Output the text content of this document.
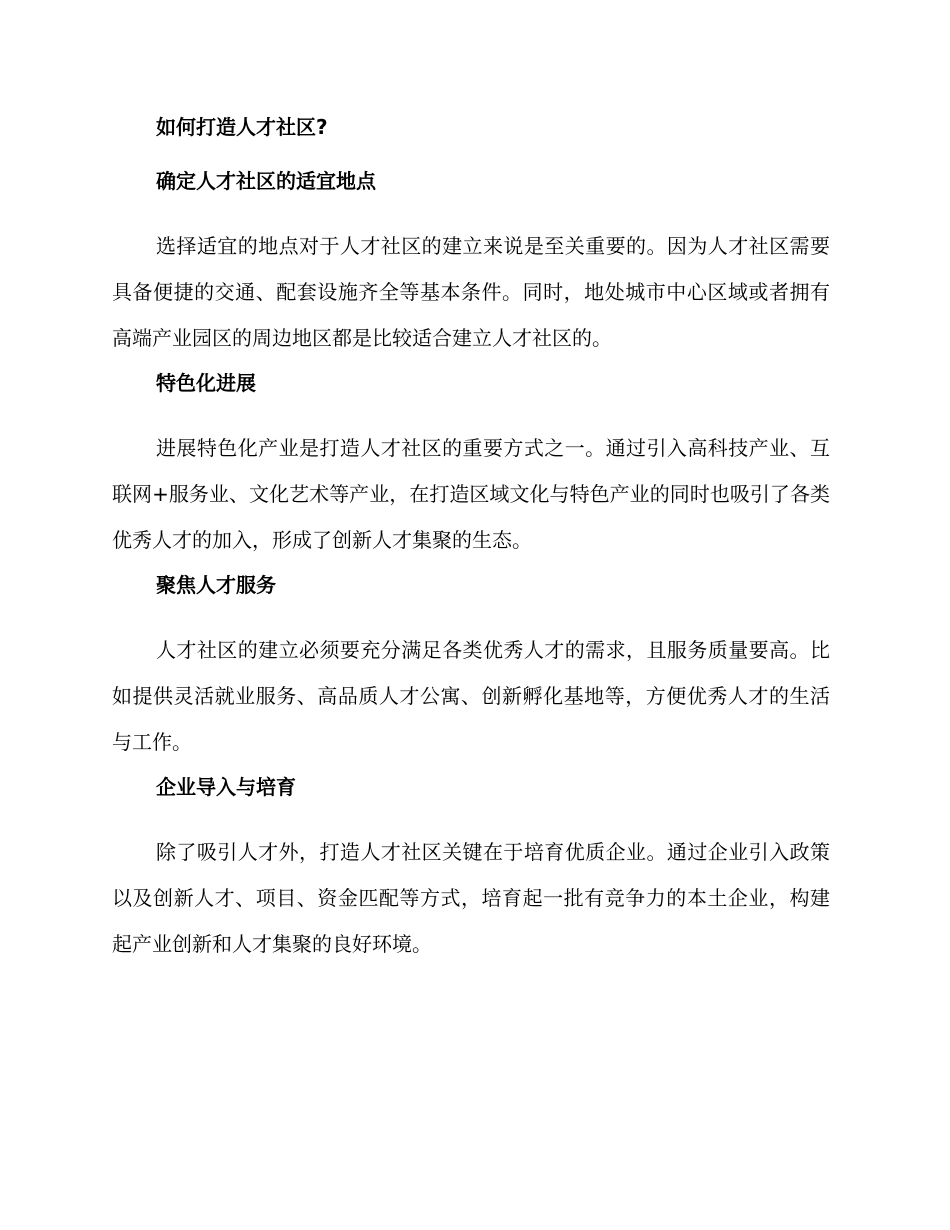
如何打造人才社区?
确定人才社区的适宜地点

选择适宜的地点对于人才社区的建立来说是至关重要的。因为人才社区需要具备便捷的交通、配套设施齐全等基本条件。同时，地处城市中心区域或者拥有高端产业园区的周边地区都是比较适合建立人才社区的。

特色化进展

进展特色化产业是打造人才社区的重要方式之一。通过引入高科技产业、互联网+服务业、文化艺术等产业，在打造区域文化与特色产业的同时也吸引了各类优秀人才的加入，形成了创新人才集聚的生态。

聚焦人才服务

人才社区的建立必须要充分满足各类优秀人才的需求，且服务质量要高。比如提供灵活就业服务、高品质人才公寓、创新孵化基地等，方便优秀人才的生活与工作。

企业导入与培育

除了吸引人才外，打造人才社区关键在于培育优质企业。通过企业引入政策以及创新人才、项目、资金匹配等方式，培育起一批有竞争力的本土企业，构建起产业创新和人才集聚的良好环境。
